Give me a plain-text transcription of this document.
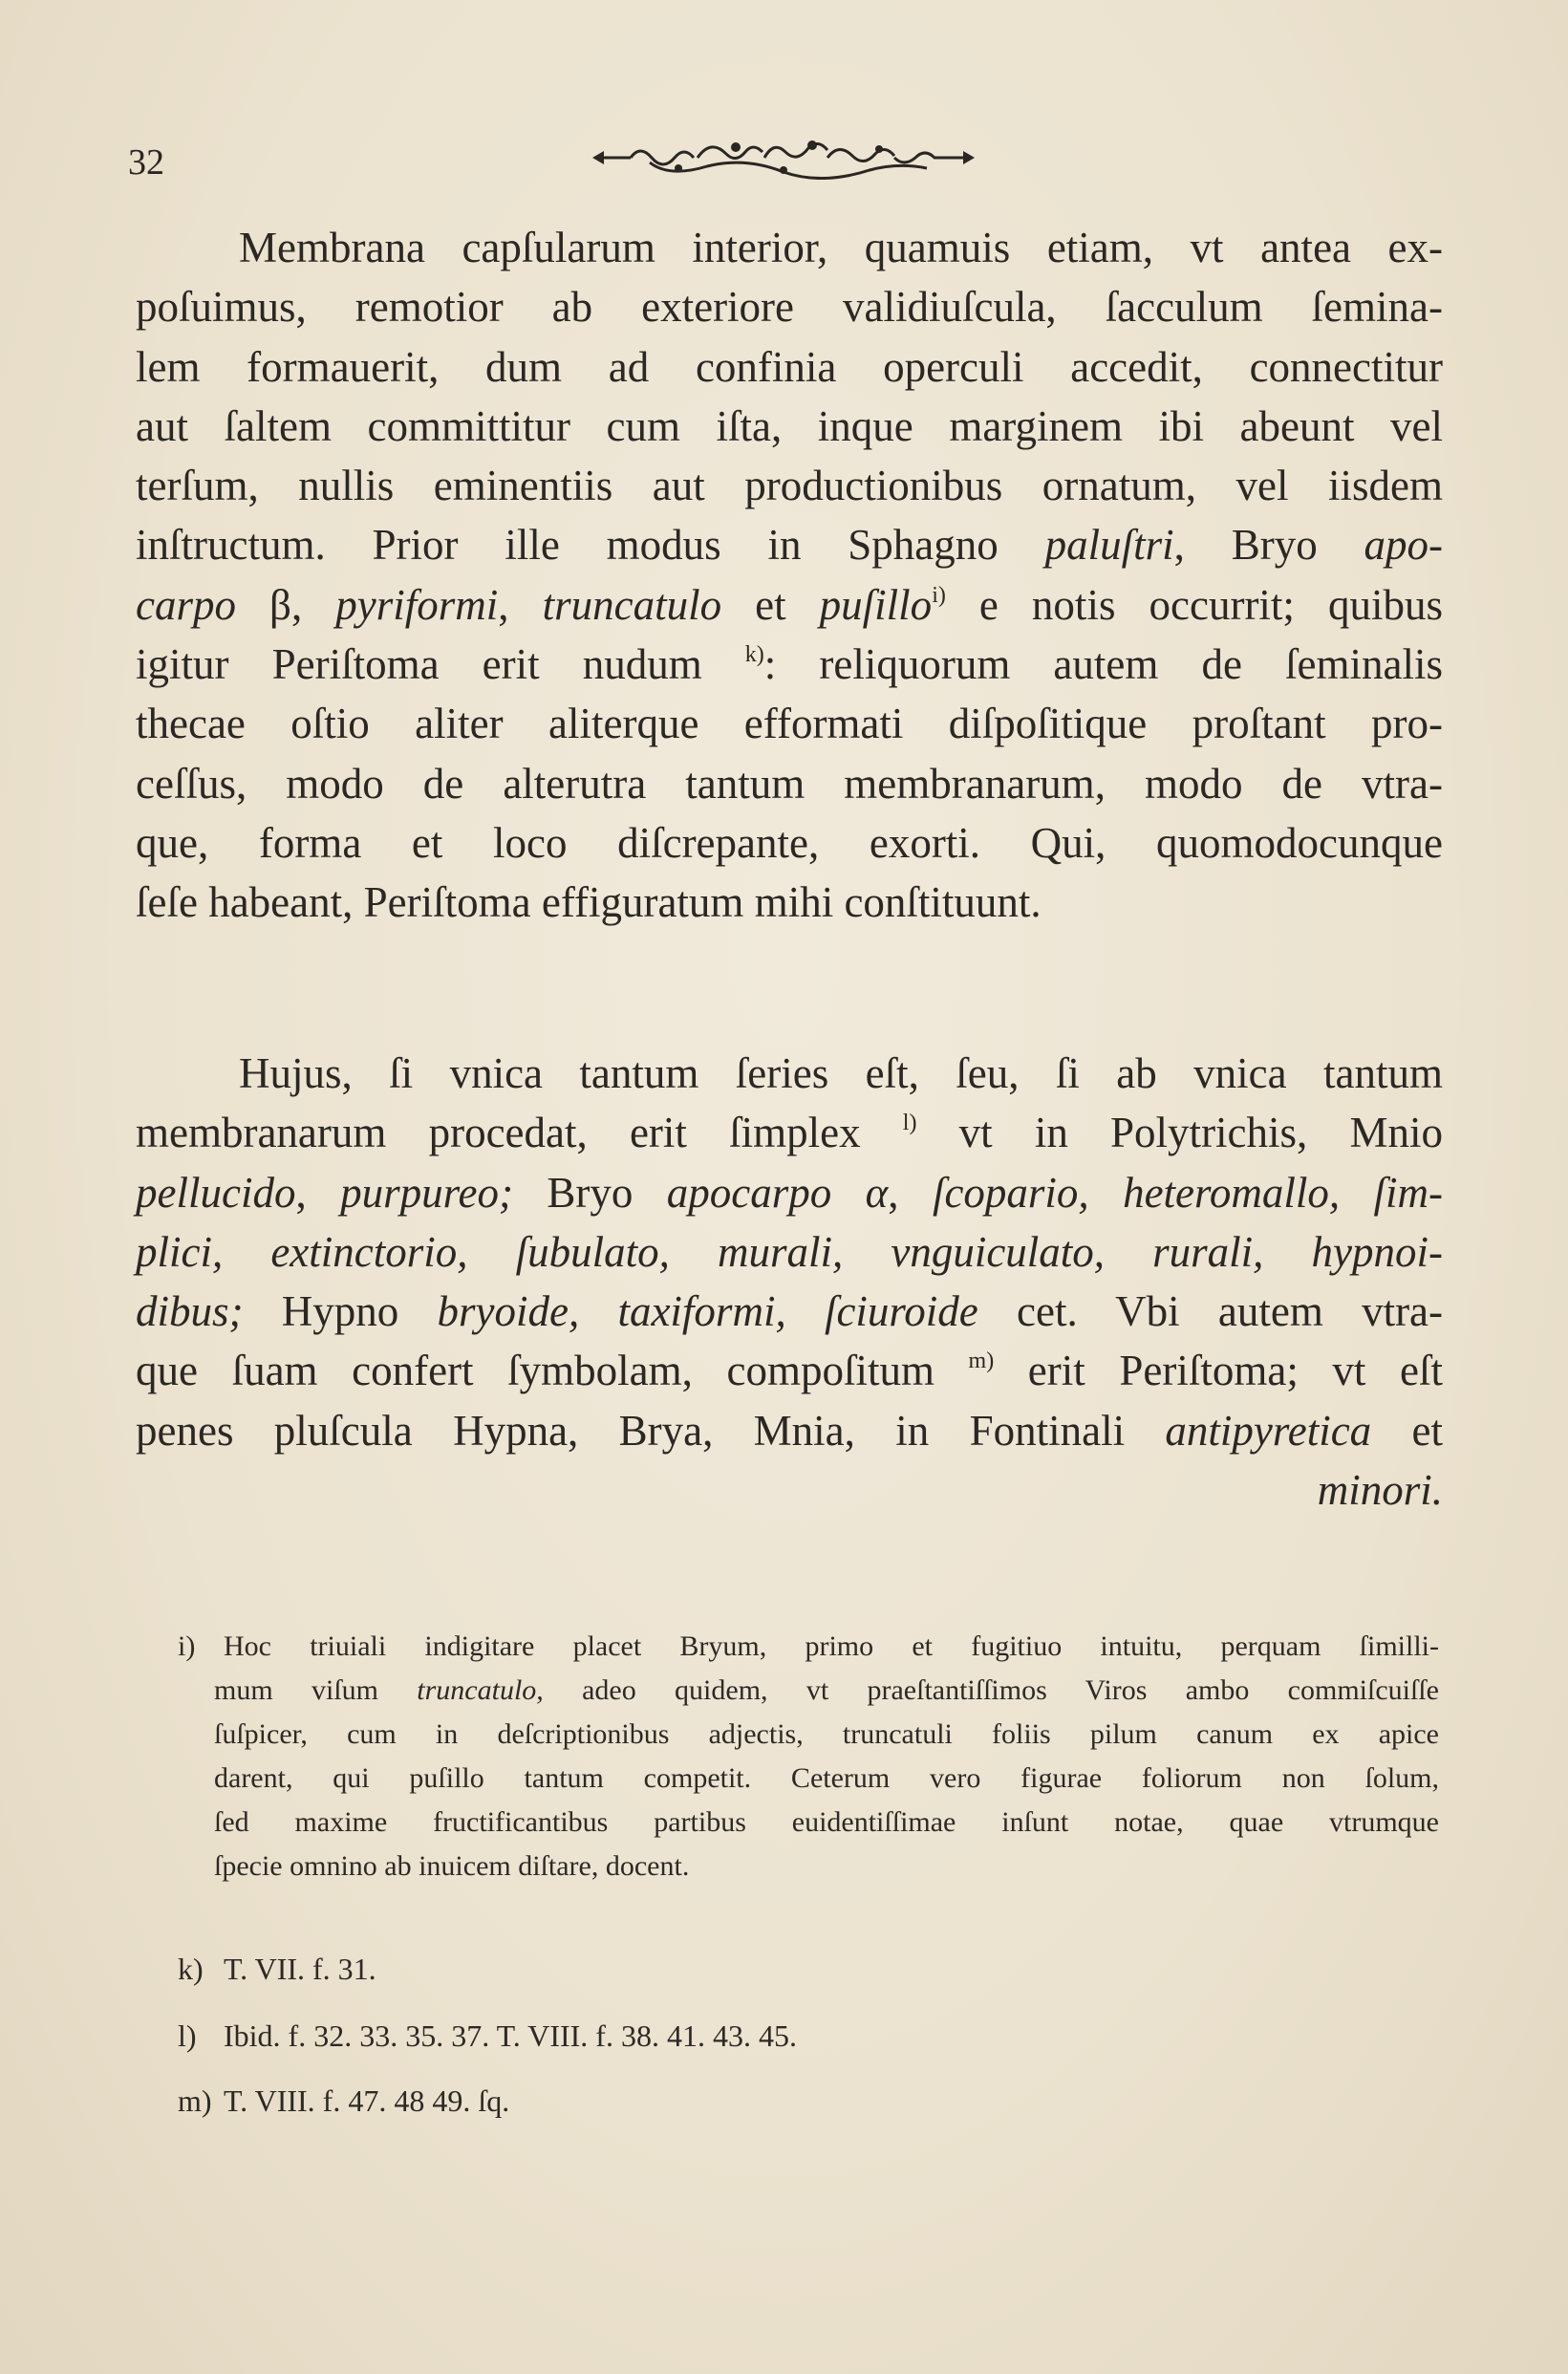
32
Membrana capſularum interior, quamuis etiam, vt antea ex-
poſuimus, remotior ab exteriore validiuſcula, ſacculum ſemina-
lem formauerit, dum ad confinia operculi accedit, connectitur
aut ſaltem committitur cum iſta, inque marginem ibi abeunt vel
terſum, nullis eminentiis aut productionibus ornatum, vel iisdem
inſtructum. Prior ille modus in Sphagno paluſtri, Bryo apo-
carpo β, pyriformi, truncatulo et puſillo$^{i)}$ e notis occurrit; quibus
igitur Periſtoma erit nudum $^{k)}$: reliquorum autem de ſeminalis
thecae oſtio aliter aliterque efformati diſpoſitique proſtant pro-
ceſſus, modo de alterutra tantum membranarum, modo de vtra-
que, forma et loco diſcrepante, exorti. Qui, quomodocunque
ſeſe habeant, Periſtoma effiguratum mihi conſtituunt.
Hujus, ſi vnica tantum ſeries eſt, ſeu, ſi ab vnica tantum
membranarum procedat, erit ſimplex $^{l)}$ vt in Polytrichis, Mnio
pellucido, purpureo; Bryo apocarpo α, ſcopario, heteromallo, ſim-
plici, extinctorio, ſubulato, murali, vnguiculato, rurali, hypnoi-
dibus; Hypno bryoide, taxiformi, ſciuroide cet. Vbi autem vtra-
que ſuam confert ſymbolam, compoſitum $^{m)}$ erit Periſtoma; vt eſt
penes pluſcula Hypna, Brya, Mnia, in Fontinali antipyretica et
minori.
i) Hoc triuiali indigitare placet Bryum, primo et fugitiuo intuitu, perquam ſimilli-
mum viſum truncatulo, adeo quidem, vt praeſtantiſſimos Viros ambo commiſcuiſſe
ſuſpicer, cum in deſcriptionibus adjectis, truncatuli foliis pilum canum ex apice
darent, qui puſillo tantum competit. Ceterum vero figurae foliorum non ſolum,
ſed maxime fructificantibus partibus euidentiſſimae inſunt notae, quae vtrumque
ſpecie omnino ab inuicem diſtare, docent.
k) T. VII. f. 31.
l) Ibid. f. 32. 33. 35. 37. T. VIII. f. 38. 41. 43. 45.
m) T. VIII. f. 47. 48 49. ſq.
